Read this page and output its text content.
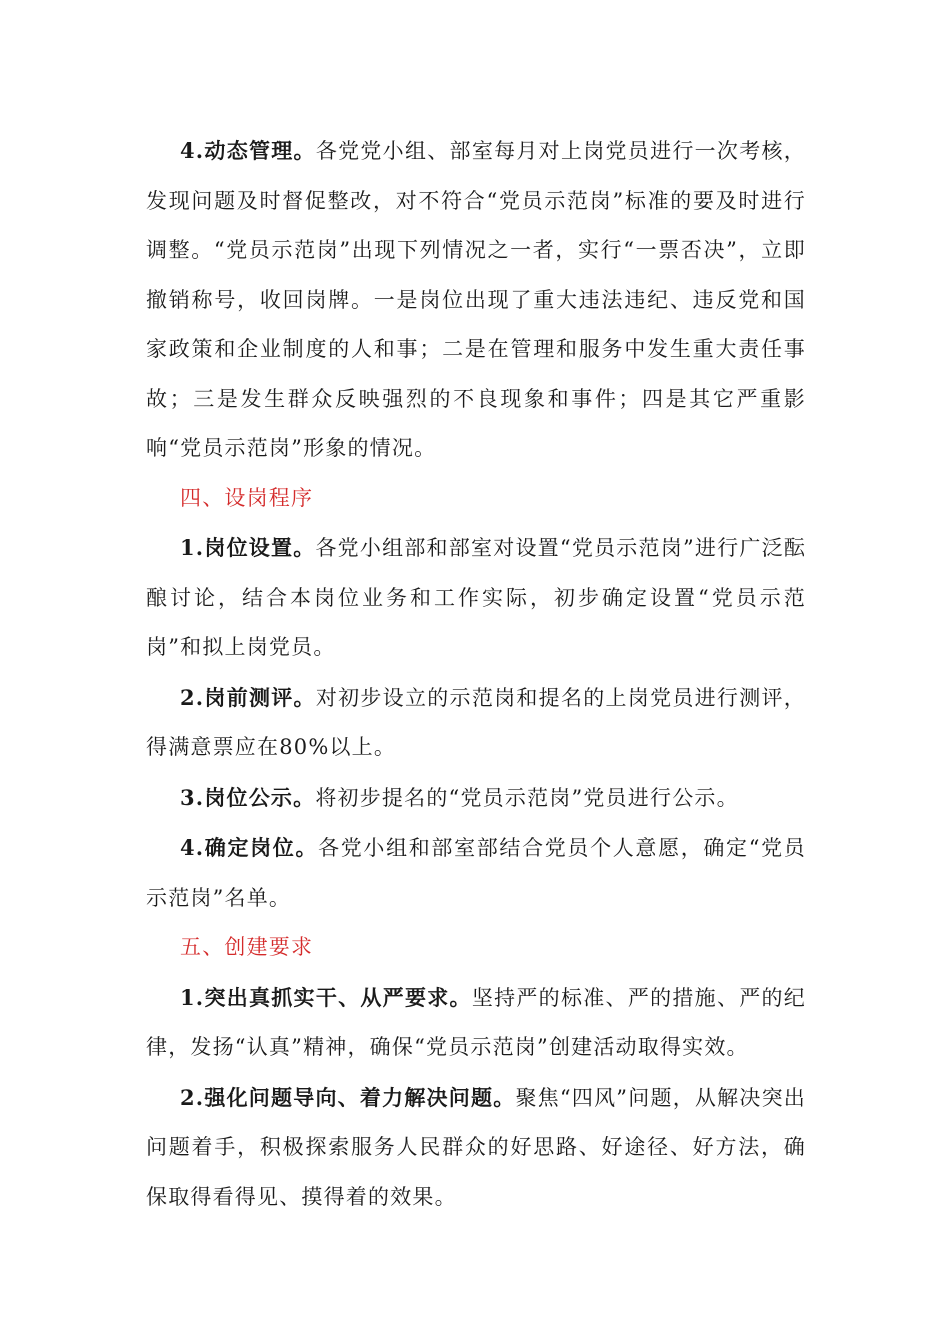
4.动态管理。各党党小组、部室每月对上岗党员进行一次考核，发现问题及时督促整改，对不符合“党员示范岗”标准的要及时进行调整。“党员示范岗”出现下列情况之一者，实行“一票否决”，立即撤销称号，收回岗牌。一是岗位出现了重大违法违纪、违反党和国家政策和企业制度的人和事；二是在管理和服务中发生重大责任事故；三是发生群众反映强烈的不良现象和事件；四是其它严重影响“党员示范岗”形象的情况。

四、设岗程序

1.岗位设置。各党小组部和部室对设置“党员示范岗”进行广泛酝酿讨论，结合本岗位业务和工作实际，初步确定设置“党员示范岗”和拟上岗党员。

2.岗前测评。对初步设立的示范岗和提名的上岗党员进行测评，得满意票应在80%以上。

3.岗位公示。将初步提名的“党员示范岗”党员进行公示。

4.确定岗位。各党小组和部室部结合党员个人意愿，确定“党员示范岗”名单。

五、创建要求

1.突出真抓实干、从严要求。坚持严的标准、严的措施、严的纪律，发扬“认真”精神，确保“党员示范岗”创建活动取得实效。

2.强化问题导向、着力解决问题。聚焦“四风”问题，从解决突出问题着手，积极探索服务人民群众的好思路、好途径、好方法，确保取得看得见、摸得着的效果。
